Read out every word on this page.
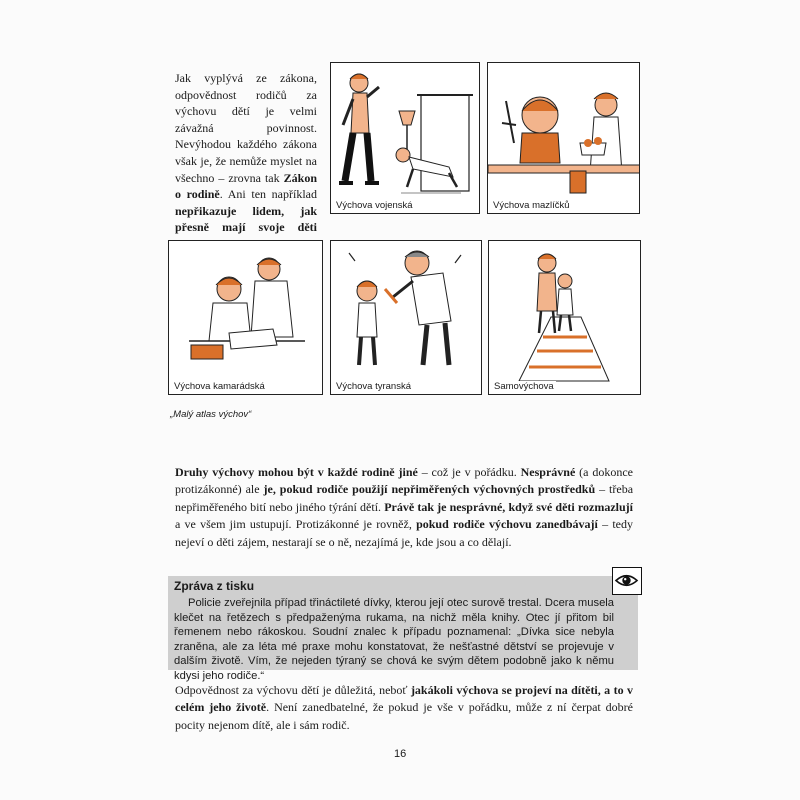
Jak vyplývá ze zákona, odpovědnost rodičů za výchovu dětí je velmi závažná povinnost. Nevýhodou každého zákona však je, že nemůže myslet na všechno – zrovna tak Zákon o rodině. Ani ten například nepřikazuje lidem, jak přesně mají svoje děti
Výchova vojenská	Výchova mazlíčků
Výchova kamarádská	Výchova tyranská	Samovýchova
„Malý atlas výchov“
Druhy výchovy mohou být v každé rodině jiné – což je v pořádku. Nesprávné (a dokonce protizákonné) ale je, pokud rodiče použijí nepřiměřených výchovných prostředků – třeba nepřiměřeného bití nebo jiného týrání dětí. Právě tak je nesprávné, když své děti rozmazlují a ve všem jim ustupují. Protizákonné je rovněž, pokud rodiče výchovu zanedbávají – tedy nejeví o děti zájem, nestarají se o ně, nezajímá je, kde jsou a co dělají.
Zpráva z tisku
Policie zveřejnila případ třináctileté dívky, kterou její otec surově trestal. Dcera musela klečet na řetězech s předpaženýma rukama, na nichž měla knihy. Otec jí přitom bil řemenem nebo rákoskou. Soudní znalec k případu poznamenal: „Dívka sice nebyla zraněna, ale za léta mé praxe mohu konstatovat, že nešťastné dětství se projevuje v dalším životě. Vím, že nejeden týraný se chová ke svým dětem podobně jako k němu kdysi jeho rodiče.“
Odpovědnost za výchovu dětí je důležitá, neboť jakákoli výchova se projeví na dítěti, a to v celém jeho životě. Není zanedbatelné, že pokud je vše v pořádku, může z ní čerpat dobré pocity nejenom dítě, ale i sám rodič.
16
